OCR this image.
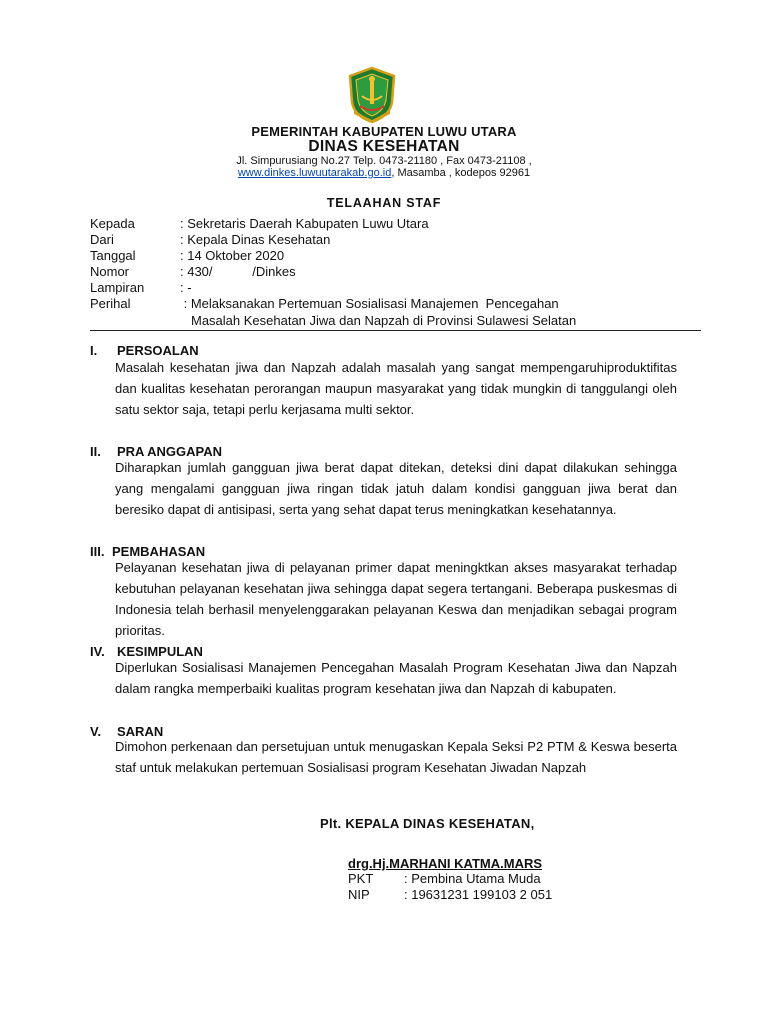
PEMERINTAH KABUPATEN LUWU UTARA
DINAS KESEHATAN
Jl. Simpurusiang No.27 Telp. 0473-21180 , Fax 0473-21108 ,
www.dinkes.luwuutarakab.go.id, Masamba , kodepos 92961
TELAAHAN STAF
Kepada	: Sekretaris Daerah Kabupaten Luwu Utara
Dari	: Kepala Dinas Kesehatan
Tanggal	: 14 Oktober 2020
Nomor	: 430/           /Dinkes
Lampiran	: -
Perihal	: Melaksanakan Pertemuan Sosialisasi Manajemen  Pencegahan
Masalah Kesehatan Jiwa dan Napzah di Provinsi Sulawesi Selatan
I. PERSOALAN
Masalah kesehatan jiwa dan Napzah adalah masalah yang sangat mempengaruhiproduktifitas dan kualitas kesehatan perorangan maupun masyarakat yang tidak mungkin di tanggulangi oleh satu sektor saja, tetapi perlu kerjasama multi sektor.
II. PRA ANGGAPAN
Diharapkan jumlah gangguan jiwa berat dapat ditekan, deteksi dini dapat dilakukan sehingga yang mengalami gangguan jiwa ringan tidak jatuh dalam kondisi gangguan jiwa berat dan beresiko dapat di antisipasi, serta yang sehat dapat terus meningkatkan kesehatannya.
III. PEMBAHASAN
Pelayanan kesehatan jiwa di pelayanan primer dapat meningktkan akses masyarakat terhadap kebutuhan pelayanan kesehatan jiwa sehingga dapat segera tertangani. Beberapa puskesmas di Indonesia telah berhasil menyelenggarakan pelayanan Keswa dan menjadikan sebagai program prioritas.
IV. KESIMPULAN
Diperlukan Sosialisasi Manajemen Pencegahan Masalah Program Kesehatan Jiwa dan Napzah dalam rangka memperbaiki kualitas program kesehatan jiwa dan Napzah di kabupaten.
V. SARAN
Dimohon perkenaan dan persetujuan untuk menugaskan Kepala Seksi P2 PTM & Keswa beserta staf untuk melakukan pertemuan Sosialisasi program Kesehatan Jiwadan Napzah
Plt. KEPALA DINAS KESEHATAN,
drg.Hj.MARHANI KATMA.MARS
PKT	: Pembina Utama Muda
NIP	: 19631231 199103 2 051
